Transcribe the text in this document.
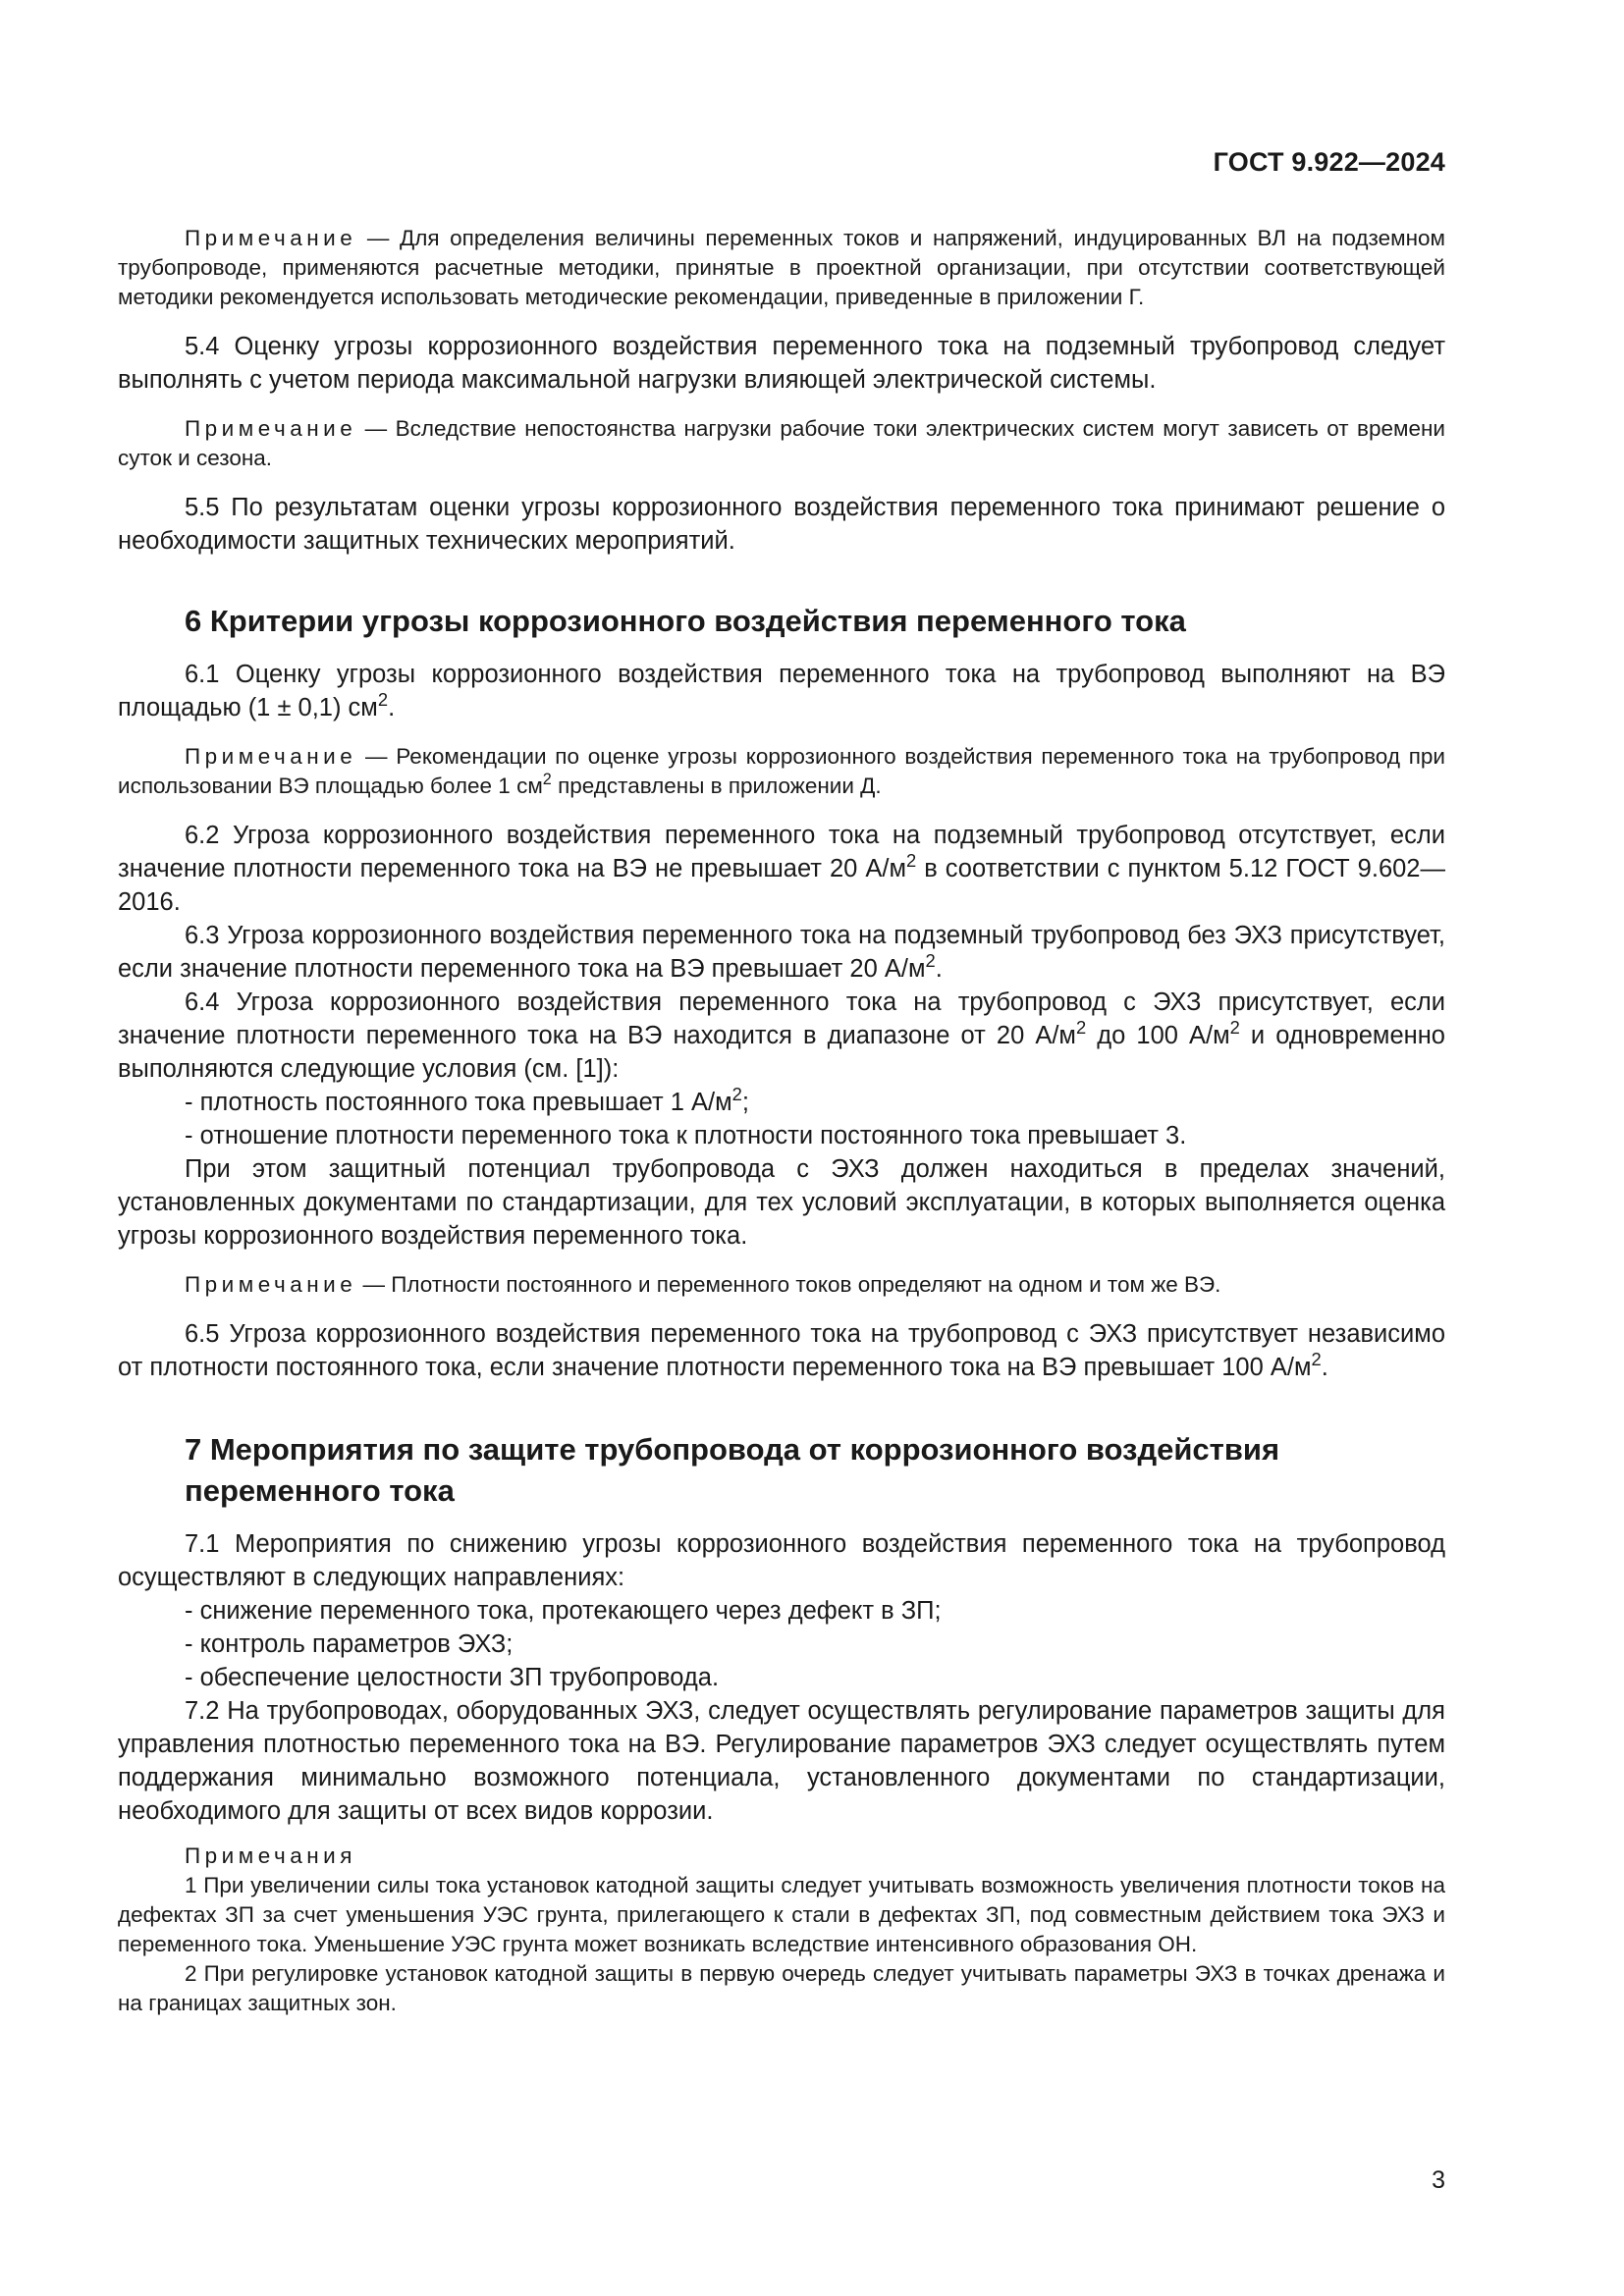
ГОСТ 9.922—2024

Примечание — Для определения величины переменных токов и напряжений, индуцированных ВЛ на подземном трубопроводе, применяются расчетные методики, принятые в проектной организации, при отсутствии соответствующей методики рекомендуется использовать методические рекомендации, приведенные в приложении Г.

5.4 Оценку угрозы коррозионного воздействия переменного тока на подземный трубопровод следует выполнять с учетом периода максимальной нагрузки влияющей электрической системы.

Примечание — Вследствие непостоянства нагрузки рабочие токи электрических систем могут зависеть от времени суток и сезона.

5.5 По результатам оценки угрозы коррозионного воздействия переменного тока принимают решение о необходимости защитных технических мероприятий.

6 Критерии угрозы коррозионного воздействия переменного тока

6.1 Оценку угрозы коррозионного воздействия переменного тока на трубопровод выполняют на ВЭ площадью (1 ± 0,1) $см^2$.

Примечание — Рекомендации по оценке угрозы коррозионного воздействия переменного тока на трубопровод при использовании ВЭ площадью более 1 $см^2$ представлены в приложении Д.

6.2 Угроза коррозионного воздействия переменного тока на подземный трубопровод отсутствует, если значение плотности переменного тока на ВЭ не превышает 20 $А/м^2$ в соответствии с пунктом 5.12 ГОСТ 9.602—2016.

6.3 Угроза коррозионного воздействия переменного тока на подземный трубопровод без ЭХЗ присутствует, если значение плотности переменного тока на ВЭ превышает 20 $А/м^2$.

6.4 Угроза коррозионного воздействия переменного тока на трубопровод с ЭХЗ присутствует, если значение плотности переменного тока на ВЭ находится в диапазоне от 20 $А/м^2$ до 100 $А/м^2$ и одновременно выполняются следующие условия (см. [1]):

- плотность постоянного тока превышает 1 $А/м^2$;

- отношение плотности переменного тока к плотности постоянного тока превышает 3.

При этом защитный потенциал трубопровода с ЭХЗ должен находиться в пределах значений, установленных документами по стандартизации, для тех условий эксплуатации, в которых выполняется оценка угрозы коррозионного воздействия переменного тока.

Примечание — Плотности постоянного и переменного токов определяют на одном и том же ВЭ.

6.5 Угроза коррозионного воздействия переменного тока на трубопровод с ЭХЗ присутствует независимо от плотности постоянного тока, если значение плотности переменного тока на ВЭ превышает 100 $А/м^2$.

7 Мероприятия по защите трубопровода от коррозионного воздействия
переменного тока

7.1 Мероприятия по снижению угрозы коррозионного воздействия переменного тока на трубопровод осуществляют в следующих направлениях:

- снижение переменного тока, протекающего через дефект в ЗП;

- контроль параметров ЭХЗ;

- обеспечение целостности ЗП трубопровода.

7.2 На трубопроводах, оборудованных ЭХЗ, следует осуществлять регулирование параметров защиты для управления плотностью переменного тока на ВЭ. Регулирование параметров ЭХЗ следует осуществлять путем поддержания минимально возможного потенциала, установленного документами по стандартизации, необходимого для защиты от всех видов коррозии.

Примечания

1 При увеличении силы тока установок катодной защиты следует учитывать возможность увеличения плотности токов на дефектах ЗП за счет уменьшения УЭС грунта, прилегающего к стали в дефектах ЗП, под совместным действием тока ЭХЗ и переменного тока. Уменьшение УЭС грунта может возникать вследствие интенсивного образования ОН.

2 При регулировке установок катодной защиты в первую очередь следует учитывать параметры ЭХЗ в точках дренажа и на границах защитных зон.

3
